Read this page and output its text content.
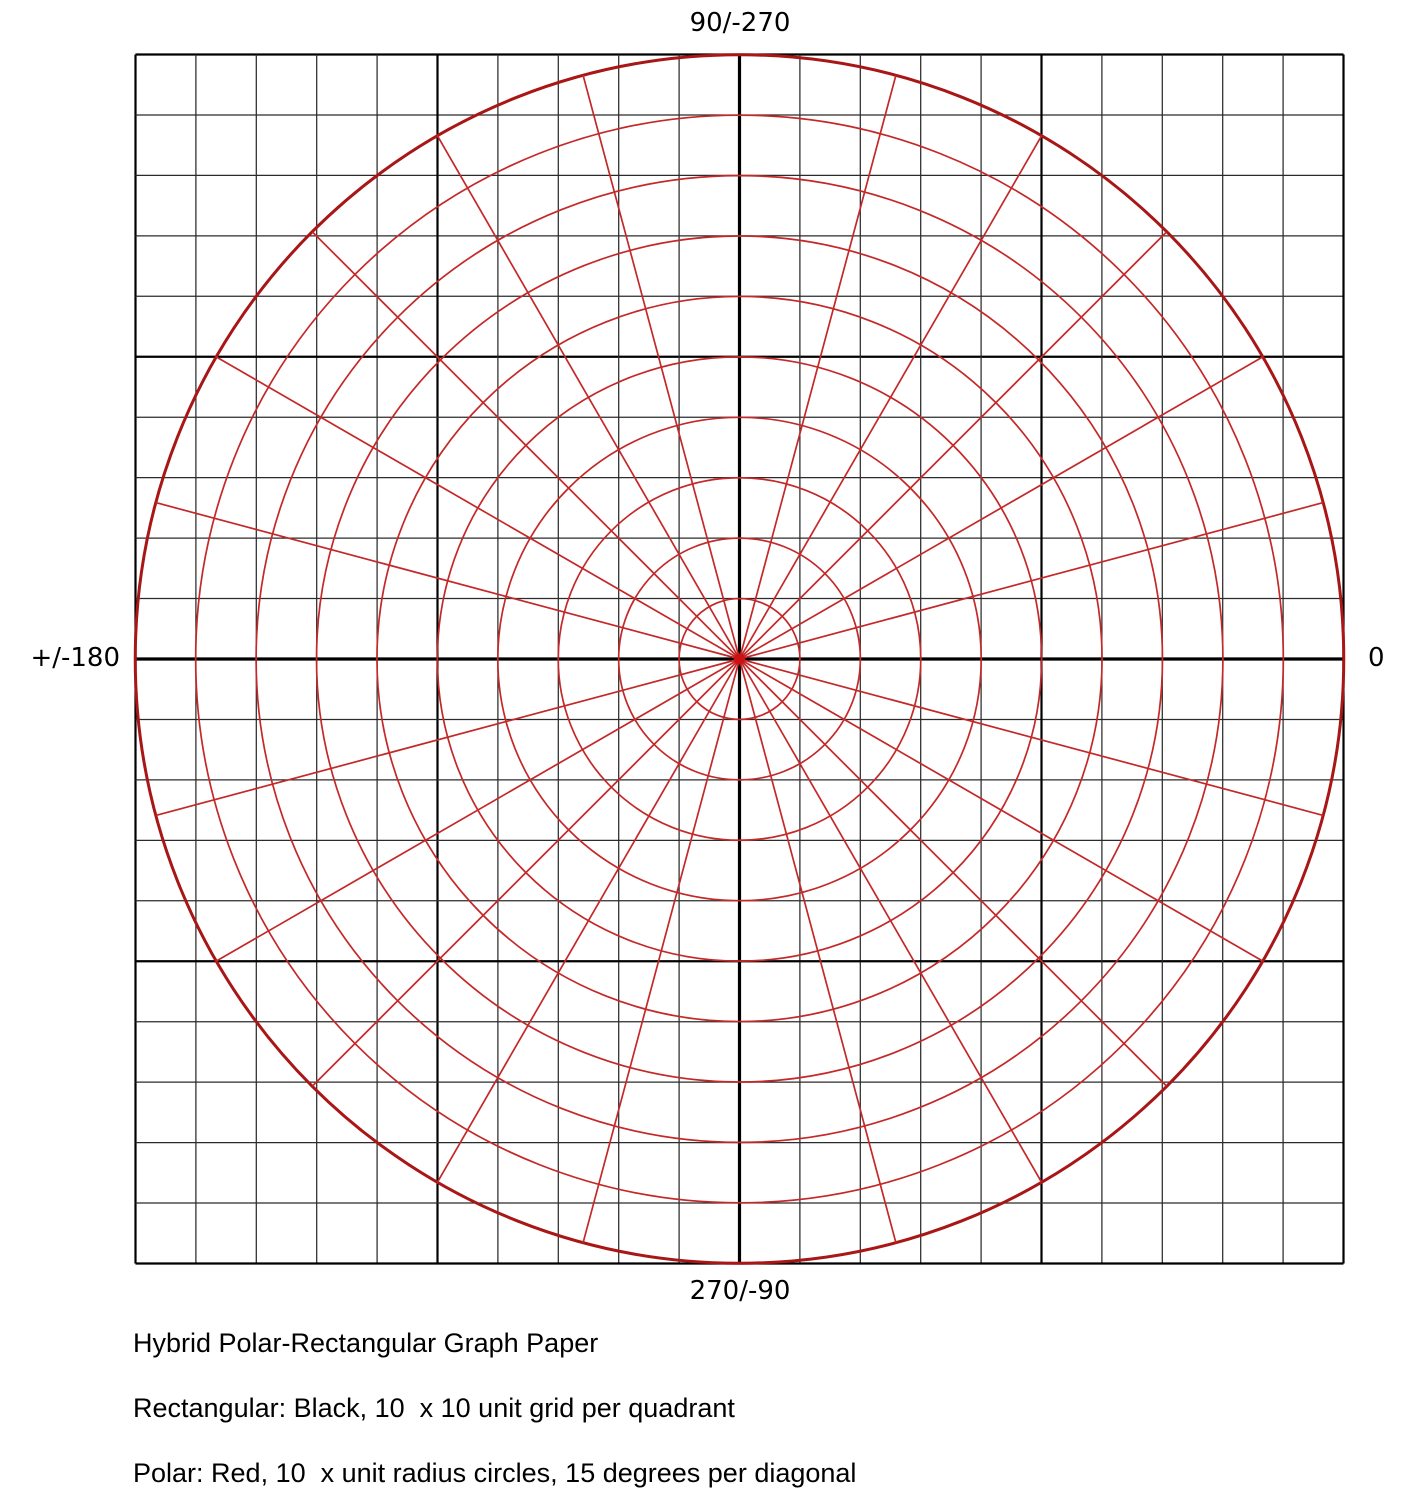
90/-270
270/-90
+/-180	0
Hybrid Polar-Rectangular Graph Paper
Rectangular: Black, 10  x 10 unit grid per quadrant
Polar: Red, 10  x unit radius circles, 15 degrees per diagonal
